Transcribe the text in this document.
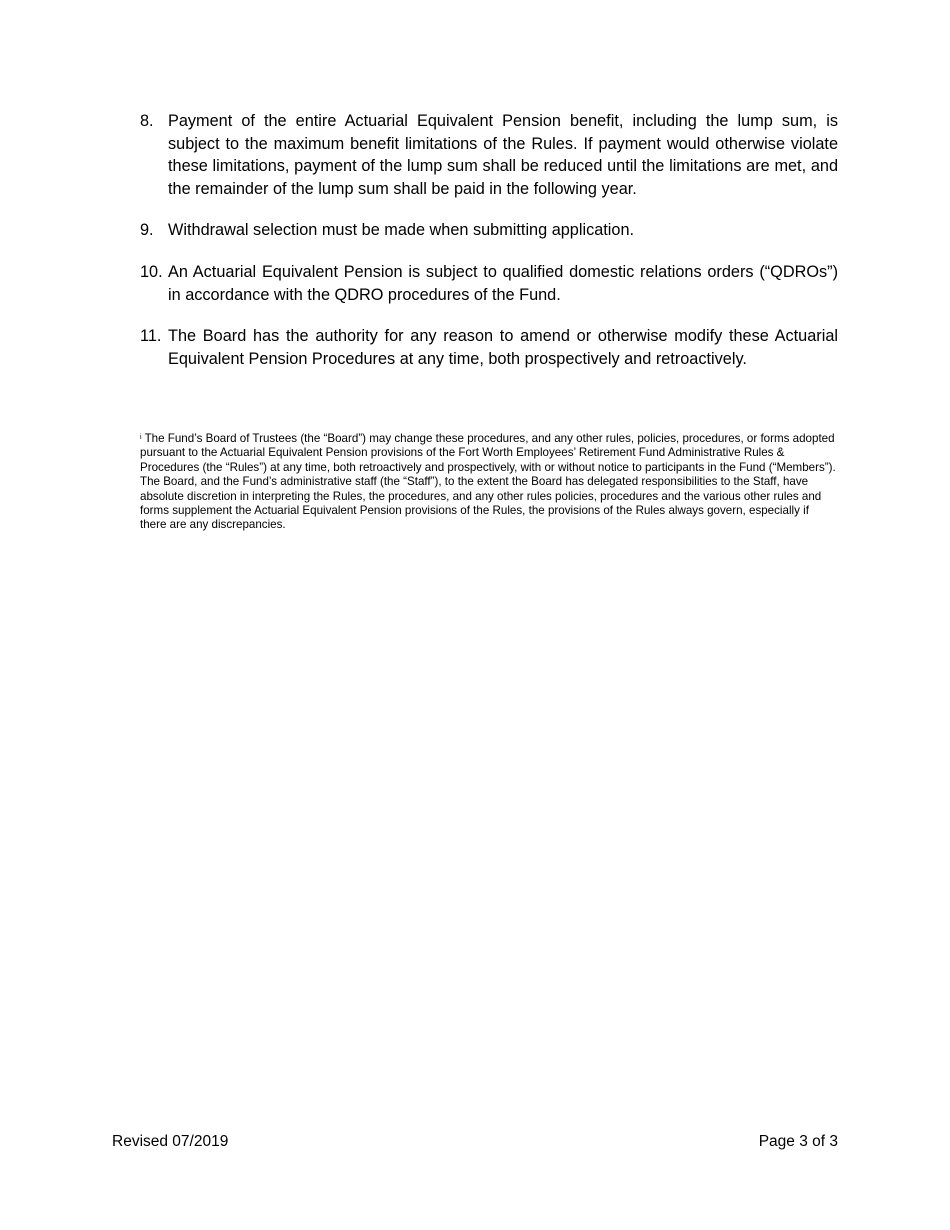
8. Payment of the entire Actuarial Equivalent Pension benefit, including the lump sum, is subject to the maximum benefit limitations of the Rules. If payment would otherwise violate these limitations, payment of the lump sum shall be reduced until the limitations are met, and the remainder of the lump sum shall be paid in the following year.
9. Withdrawal selection must be made when submitting application.
10. An Actuarial Equivalent Pension is subject to qualified domestic relations orders (“QDROs”) in accordance with the QDRO procedures of the Fund.
11. The Board has the authority for any reason to amend or otherwise modify these Actuarial Equivalent Pension Procedures at any time, both prospectively and retroactively.
$^i$ The Fund’s Board of Trustees (the “Board”) may change these procedures, and any other rules, policies, procedures, or forms adopted pursuant to the Actuarial Equivalent Pension provisions of the Fort Worth Employees’ Retirement Fund Administrative Rules & Procedures (the “Rules”) at any time, both retroactively and prospectively, with or without notice to participants in the Fund (“Members”). The Board, and the Fund’s administrative staff (the “Staff”), to the extent the Board has delegated responsibilities to the Staff, have absolute discretion in interpreting the Rules, the procedures, and any other rules policies, procedures and the various other rules and forms supplement the Actuarial Equivalent Pension provisions of the Rules, the provisions of the Rules always govern, especially if there are any discrepancies.
Revised 07/2019	Page 3 of 3
